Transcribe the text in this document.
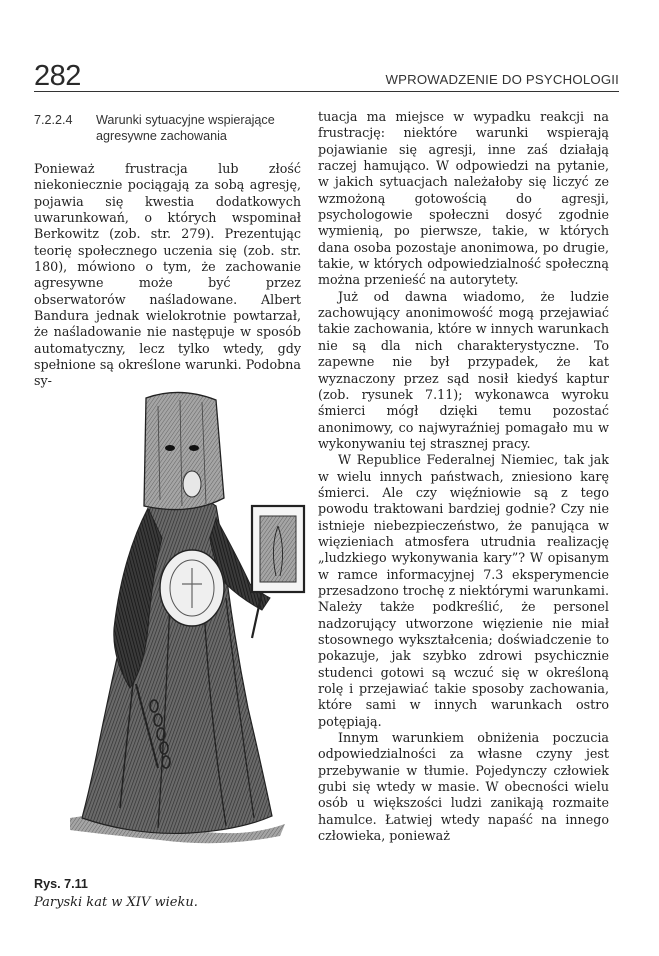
282	WPROWADZENIE DO PSYCHOLOGII
7.2.2.4 Warunki sytuacyjne wspierające
agresywne zachowania

Ponieważ frustracja lub złość niekoniecznie pociągają za sobą agresję, pojawia się kwestia dodatkowych uwarunkowań, o których wspominał Berkowitz (zob. str. 279). Prezentując teorię społecznego uczenia się (zob. str. 180), mówiono o tym, że zachowanie agresywne może być przez obserwatorów naśladowane. Albert Bandura jednak wielokrotnie powtarzał, że naśladowanie nie następuje w sposób automatyczny, lecz tylko wtedy, gdy spełnione są określone warunki. Podobna sy-

tuacja ma miejsce w wypadku reakcji na frustrację: niektóre warunki wspierają pojawianie się agresji, inne zaś działają raczej hamująco. W odpowiedzi na pytanie, w jakich sytuacjach należałoby się liczyć ze wzmożoną gotowością do agresji, psychologowie społeczni dosyć zgodnie wymienią, po pierwsze, takie, w których dana osoba pozostaje anonimowa, po drugie, takie, w których odpowiedzialność społeczną można przenieść na autorytety.

Już od dawna wiadomo, że ludzie zachowujący anonimowość mogą przejawiać takie zachowania, które w innych warunkach nie są dla nich charakterystyczne. To zapewne nie był przypadek, że kat wyznaczony przez sąd nosił kiedyś kaptur (zob. rysunek 7.11); wykonawca wyroku śmierci mógł dzięki temu pozostać anonimowy, co najwyraźniej pomagało mu w wykonywaniu tej strasznej pracy.

W Republice Federalnej Niemiec, tak jak w wielu innych państwach, zniesiono karę śmierci. Ale czy więźniowie są z tego powodu traktowani bardziej godnie? Czy nie istnieje niebezpieczeństwo, że panująca w więzieniach atmosfera utrudnia realizację „ludzkiego wykonywania kary”? W opisanym w ramce informacyjnej 7.3 eksperymencie przesadzono trochę z niektórymi warunkami. Należy także podkreślić, że personel nadzorujący utworzone więzienie nie miał stosownego wykształcenia; doświadczenie to pokazuje, jak szybko zdrowi psychicznie studenci gotowi są wczuć się w określoną rolę i przejawiać takie sposoby zachowania, które sami w innych warunkach ostro potępiają.

Innym warunkiem obniżenia poczucia odpowiedzialności za własne czyny jest przebywanie w tłumie. Pojedynczy człowiek gubi się wtedy w masie. W obecności wielu osób u większości ludzi zanikają rozmaite hamulce. Łatwiej wtedy napaść na innego człowieka, ponieważ

Rys. 7.11
Paryski kat w XIV wieku.
